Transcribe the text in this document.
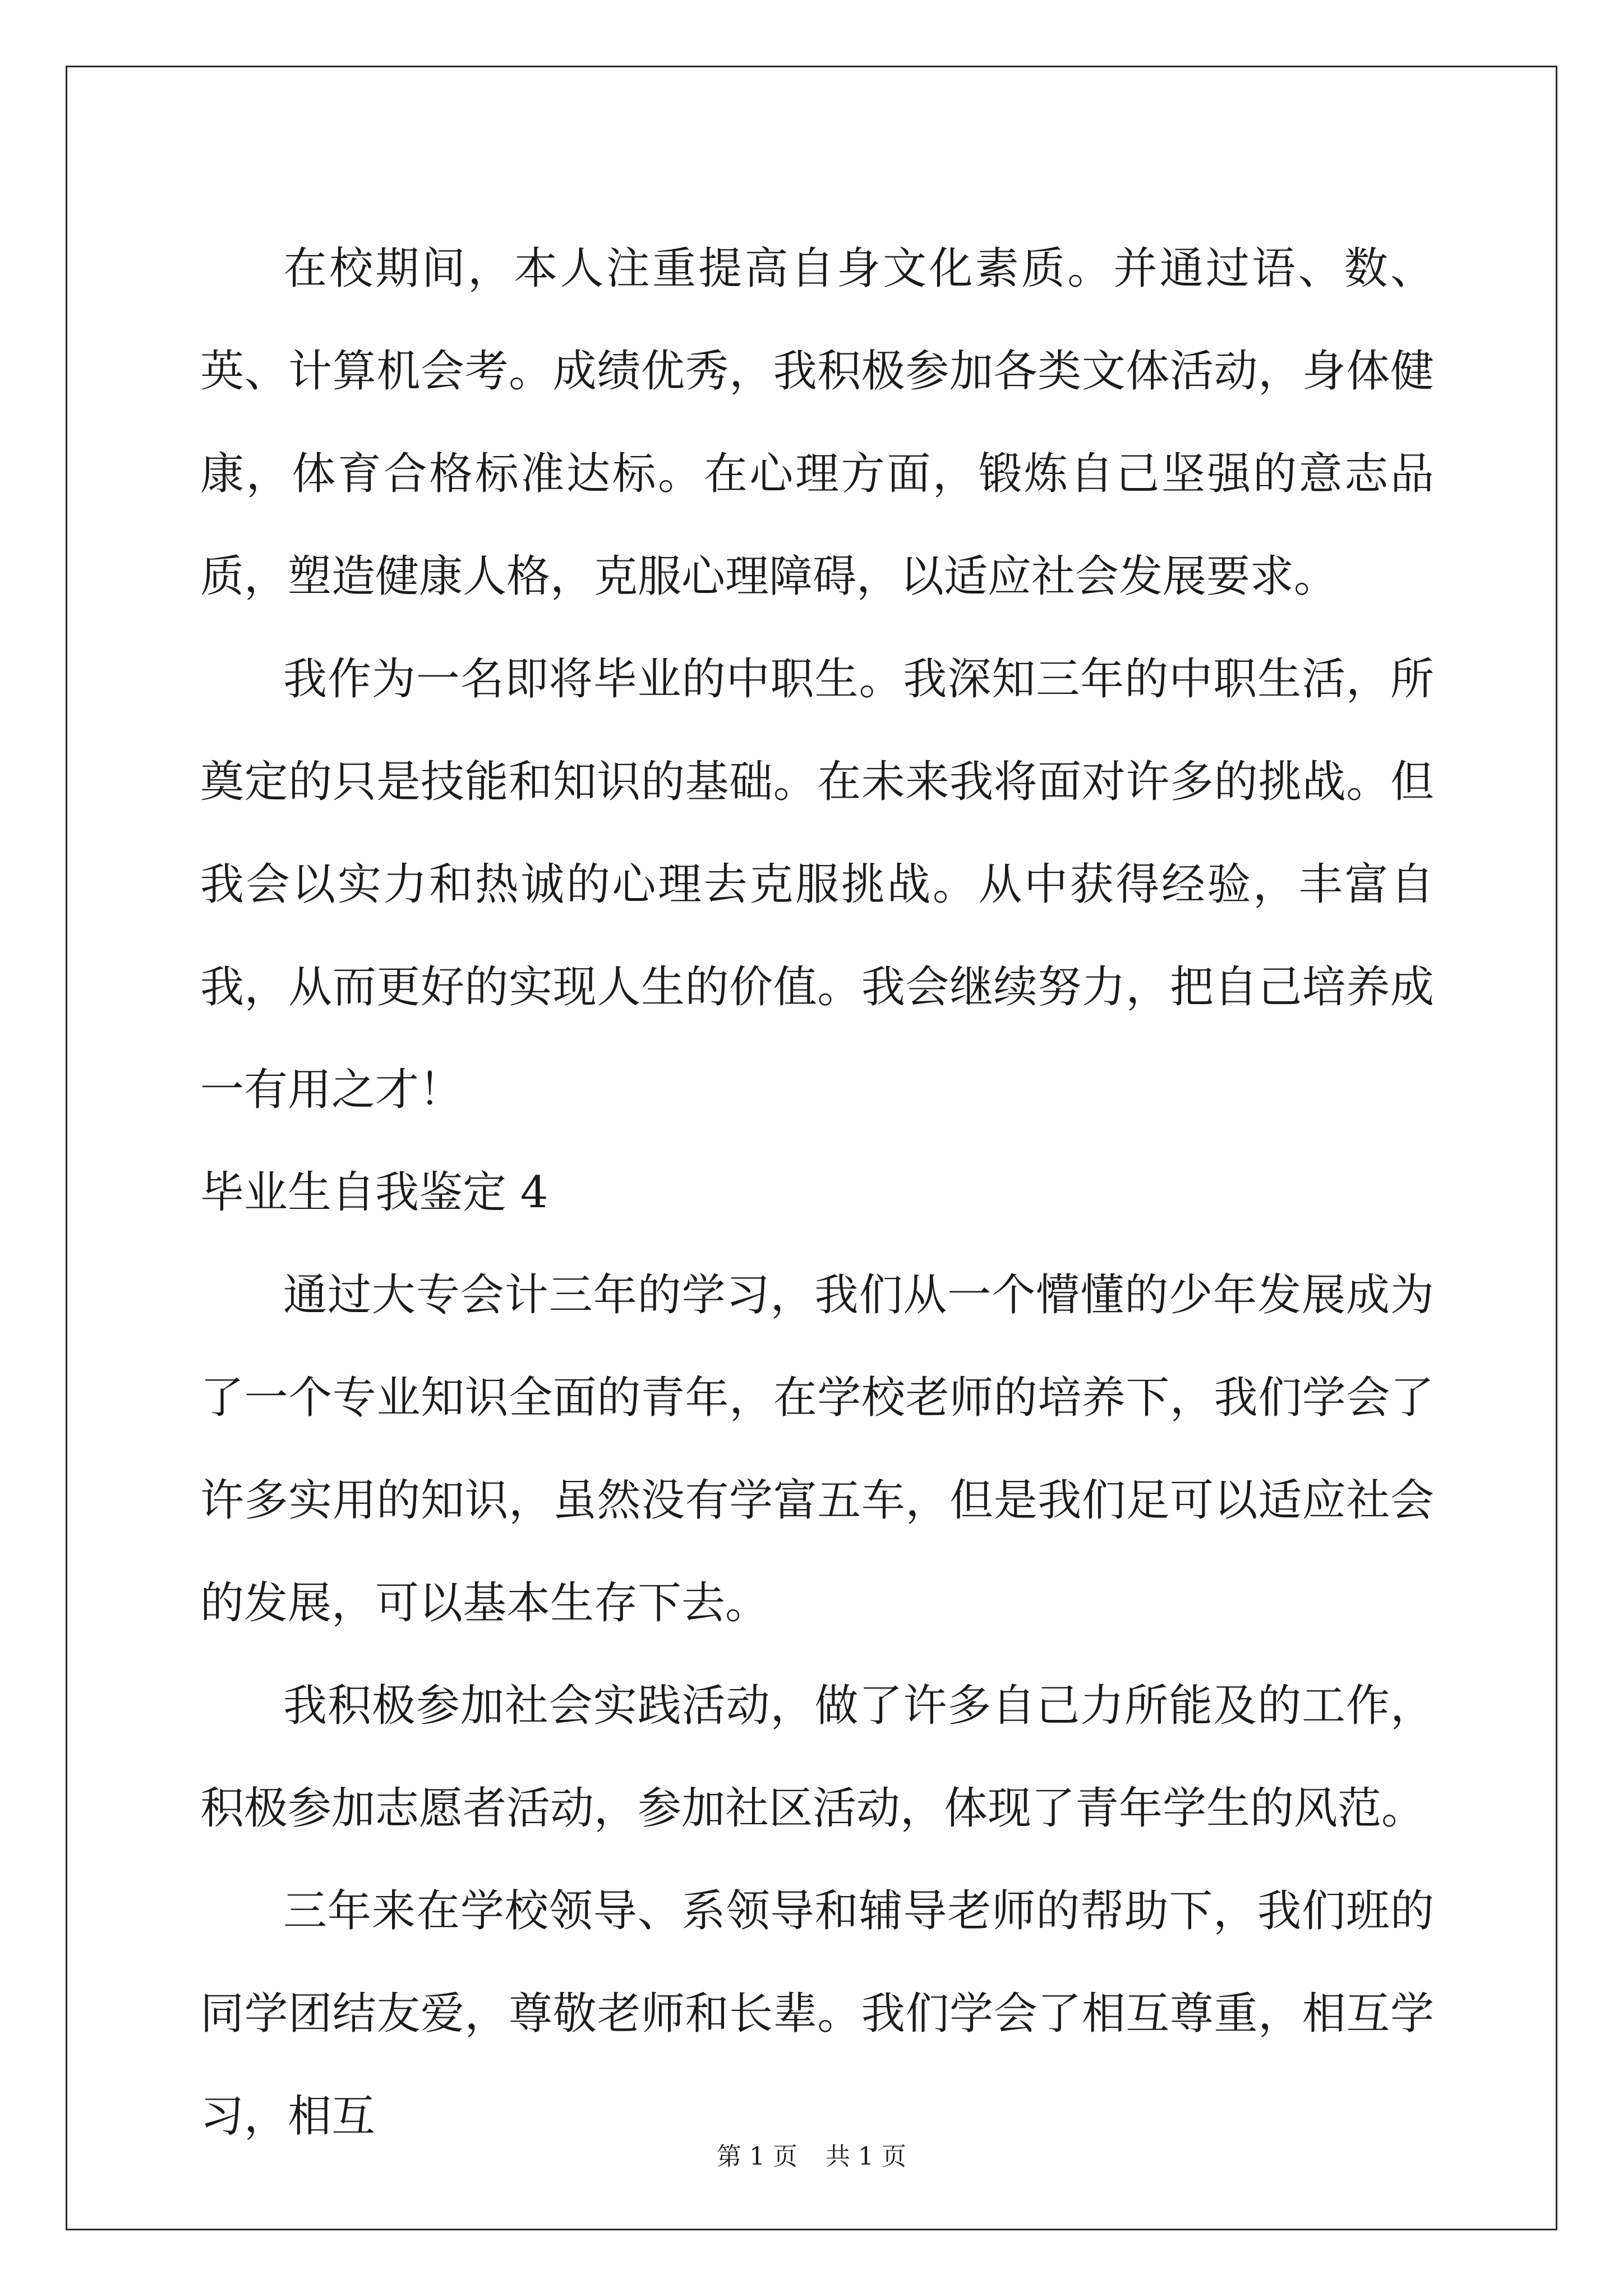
在校期间，本人注重提高自身文化素质。并通过语、数、英、计算机会考。成绩优秀，我积极参加各类文体活动，身体健康，体育合格标准达标。在心理方面，锻炼自己坚强的意志品质，塑造健康人格，克服心理障碍，以适应社会发展要求。

我作为一名即将毕业的中职生。我深知三年的中职生活，所奠定的只是技能和知识的基础。在未来我将面对许多的挑战。但我会以实力和热诚的心理去克服挑战。从中获得经验，丰富自我，从而更好的实现人生的价值。我会继续努力，把自己培养成一有用之才！

毕业生自我鉴定 4

通过大专会计三年的学习，我们从一个懵懂的少年发展成为了一个专业知识全面的青年，在学校老师的培养下，我们学会了许多实用的知识，虽然没有学富五车，但是我们足可以适应社会的发展，可以基本生存下去。

我积极参加社会实践活动，做了许多自己力所能及的工作，积极参加志愿者活动，参加社区活动，体现了青年学生的风范。

三年来在学校领导、系领导和辅导老师的帮助下，我们班的同学团结友爱，尊敬老师和长辈。我们学会了相互尊重，相互学习，相互

第 1 页 共 1 页
